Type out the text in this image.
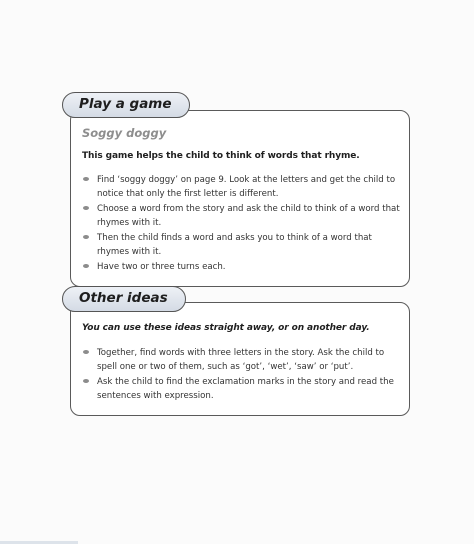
Play a game
Soggy doggy
This game helps the child to think of words that rhyme.
Find ‘soggy doggy’ on page 9. Look at the letters and get the child to notice that only the first letter is different.
Choose a word from the story and ask the child to think of a word that rhymes with it.
Then the child finds a word and asks you to think of a word that rhymes with it.
Have two or three turns each.
Other ideas
You can use these ideas straight away, or on another day.
Together, find words with three letters in the story. Ask the child to spell one or two of them, such as ‘got’, ‘wet’, ‘saw’ or ‘put’.
Ask the child to find the exclamation marks in the story and read the sentences with expression.
